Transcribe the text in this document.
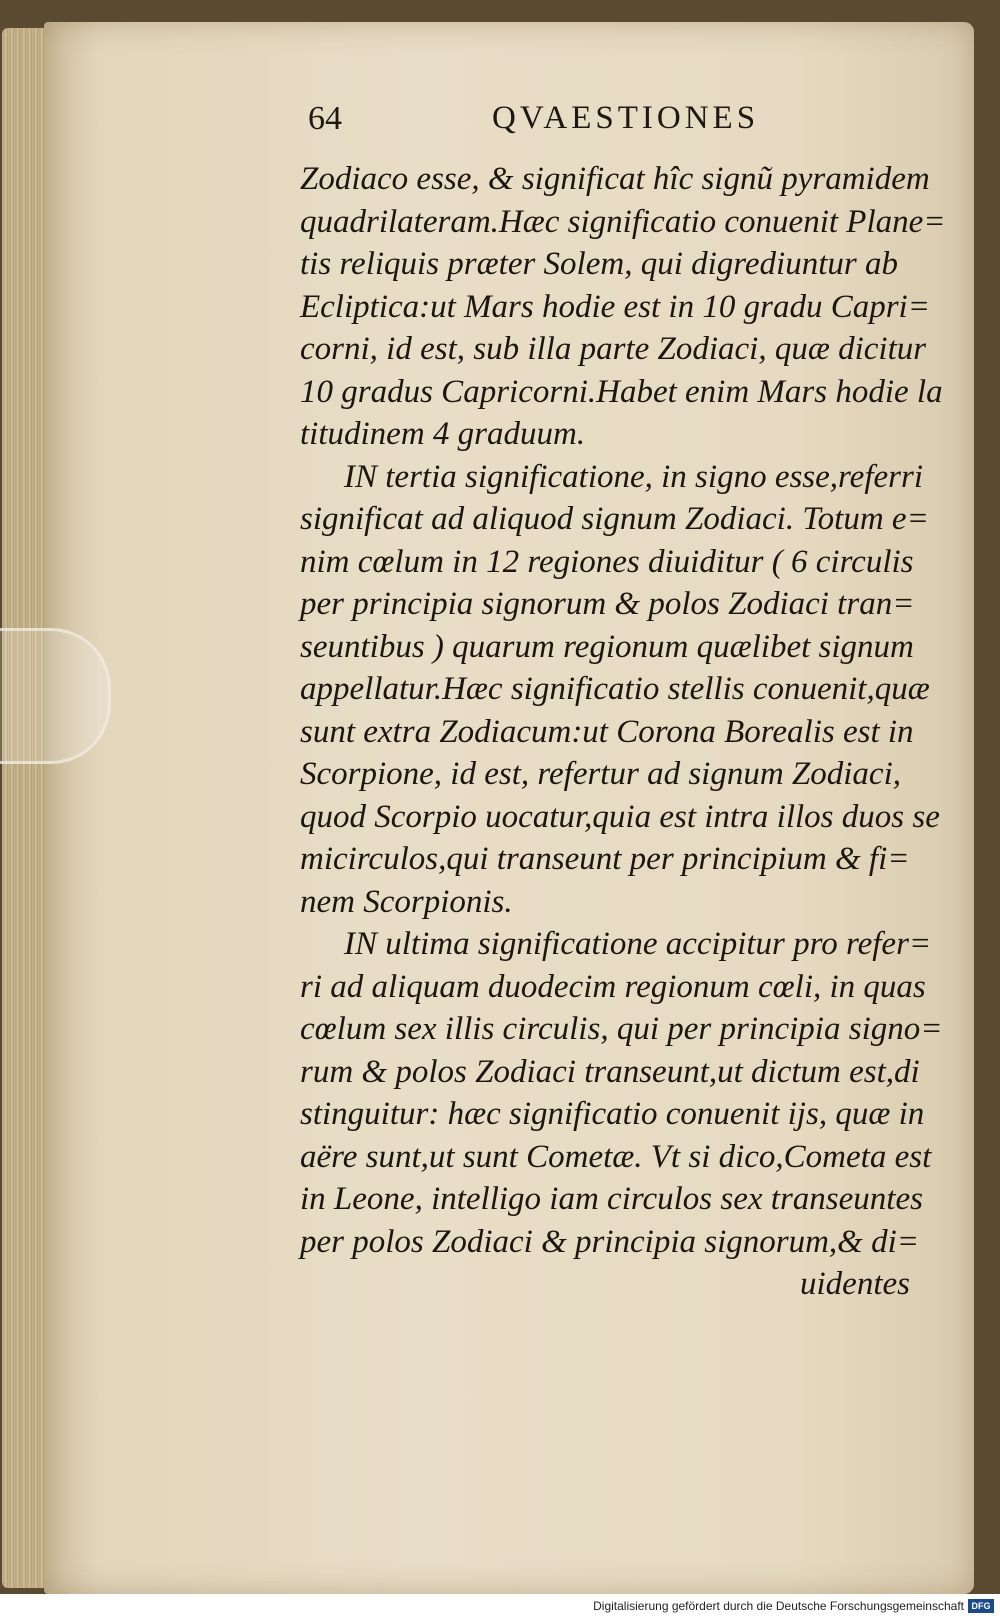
64	QVAESTIONES
Zodiaco esse, & significat hîc signũ pyramidem
quadrilateram.Hæc significatio conuenit Plane=
tis reliquis præter Solem, qui digrediuntur ab
Ecliptica:ut Mars hodie est in 10 gradu Capri=
corni, id est, sub illa parte Zodiaci, quæ dicitur
10 gradus Capricorni.Habet enim Mars hodie la
titudinem 4 graduum.
IN tertia significatione, in signo esse,referri
significat ad aliquod signum Zodiaci. Totum e=
nim cœlum in 12 regiones diuiditur ( 6 circulis
per principia signorum & polos Zodiaci tran=
seuntibus ) quarum regionum quælibet signum
appellatur.Hæc significatio stellis conuenit,quæ
sunt extra Zodiacum:ut Corona Borealis est in
Scorpione, id est, refertur ad signum Zodiaci,
quod Scorpio uocatur,quia est intra illos duos se
micirculos,qui transeunt per principium & fi=
nem Scorpionis.
IN ultima significatione accipitur pro refer=
ri ad aliquam duodecim regionum cœli, in quas
cœlum sex illis circulis, qui per principia signo=
rum & polos Zodiaci transeunt,ut dictum est,di
stinguitur: hæc significatio conuenit ijs, quæ in
aëre sunt,ut sunt Cometæ. Vt si dico,Cometa est
in Leone, intelligo iam circulos sex transeuntes
per polos Zodiaci & principia signorum,& di=
uidentes
Digitalisierung gefördert durch die Deutsche Forschungsgemeinschaft DFG
